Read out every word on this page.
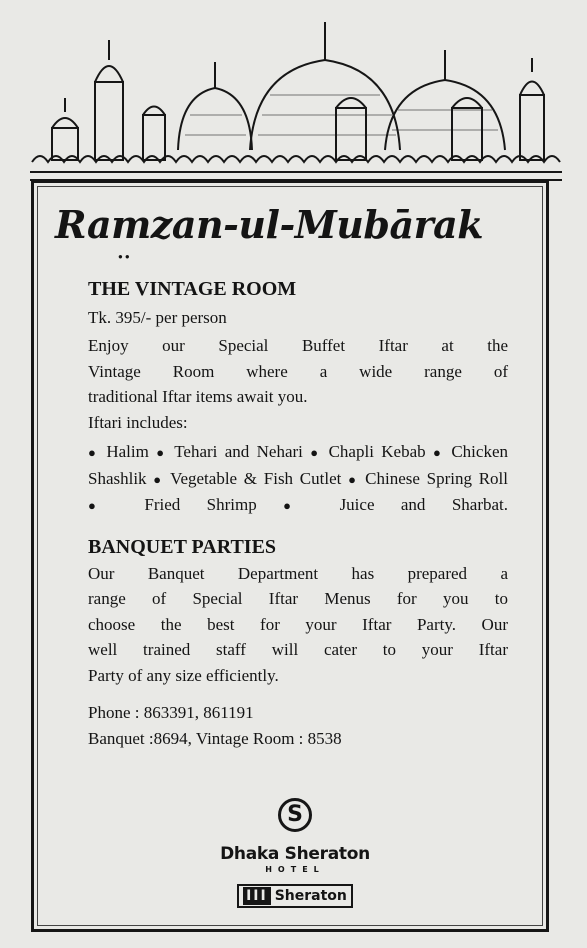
Ramzan-ul-Mubārak
●●
THE VINTAGE ROOM
Tk. 395/- per person

Enjoy our Special Buffet Iftar at the

Vintage Room where a wide range of

traditional Iftar items await you.

Iftari includes:

● Halim ● Tehari and Nehari ● Chapli Kebab ● Chicken Shashlik ● Vegetable & Fish Cutlet ● Chinese Spring Roll
● Fried Shrimp ● Juice and Sharbat.
BANQUET PARTIES

Our Banquet Department has prepared a

range of Special Iftar Menus for you to

choose the best for your Iftar Party. Our

well trained staff will cater to your Iftar

Party of any size efficiently.

Phone : 863391, 861191
Banquet :8694, Vintage Room : 8538
S
Dhaka Sheraton
HOTEL
III Sheraton
